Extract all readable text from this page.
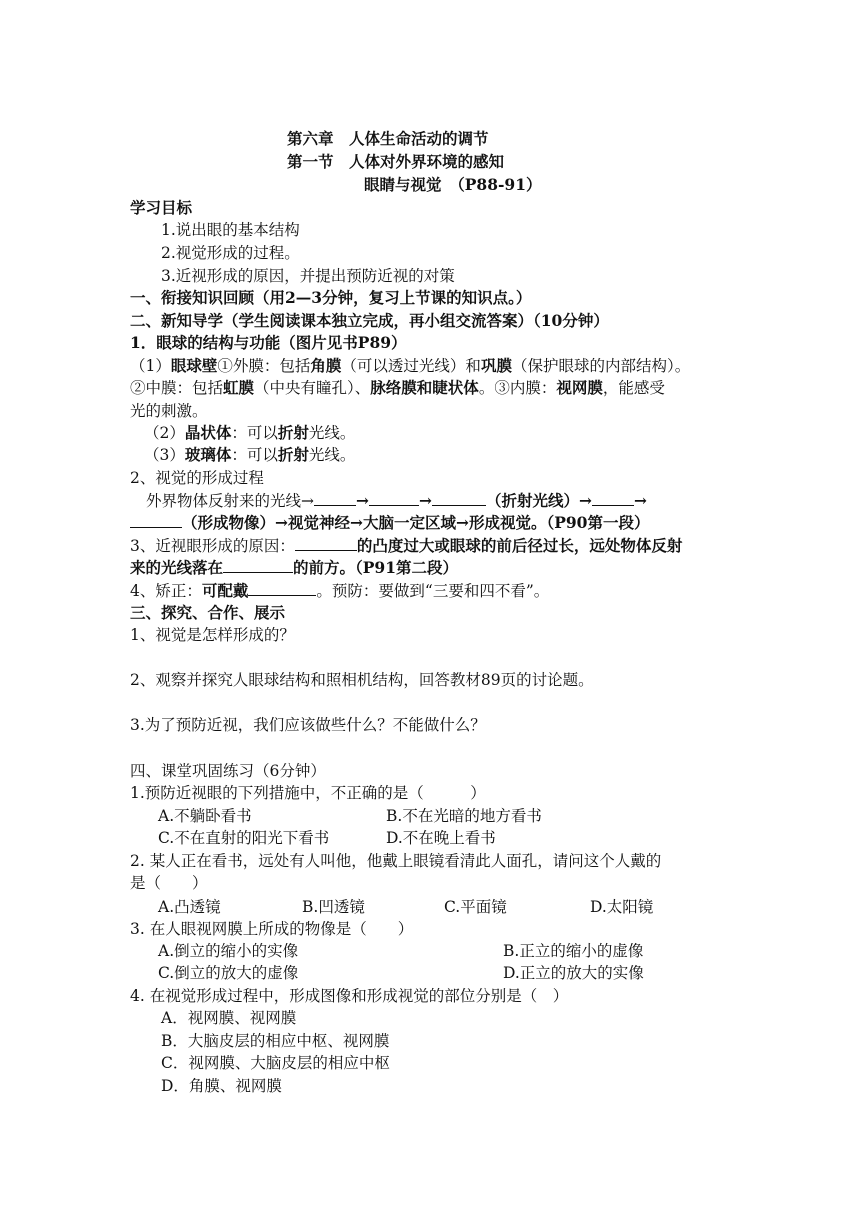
第六章　人体生命活动的调节
第一节　人体对外界环境的感知
眼睛与视觉　（P88-91）
学习目标
1.说出眼的基本结构
2.视觉形成的过程。
3.近视形成的原因，并提出预防近视的对策
一、衔接知识回顾（用2—3分钟，复习上节课的知识点。）
二、新知导学（学生阅读课本独立完成，再小组交流答案）（10分钟）
1．眼球的结构与功能（图片见书P89）
（1）眼球壁①外膜：包括角膜（可以透过光线）和巩膜（保护眼球的内部结构）。
②中膜：包括虹膜（中央有瞳孔）、脉络膜和睫状体。③内膜：视网膜，能感受
光的刺激。
（2）晶状体：可以折射光线。
（3）玻璃体：可以折射光线。
2、视觉的形成过程
外界物体反射来的光线→	→	→	（折射光线）→	→
（形成物像）→视觉神经→大脑一定区域→形成视觉。（P90第一段）
3、近视眼形成的原因：	的凸度过大或眼球的前后径过长，远处物体反射
来的光线落在	的前方。（P91第二段）
4、矫正：可配戴	。预防：要做到“三要和四不看”。
三、探究、合作、展示
1、视觉是怎样形成的？
2、观察并探究人眼球结构和照相机结构，回答教材89页的讨论题。
3.为了预防近视，我们应该做些什么？不能做什么？
四、课堂巩固练习（6分钟）
1.预防近视眼的下列措施中，不正确的是（　　　）
A.不躺卧看书	B.不在光暗的地方看书
C.不在直射的阳光下看书	D.不在晚上看书
2. 某人正在看书，远处有人叫他，他戴上眼镜看清此人面孔，请问这个人戴的
是（　　）
A.凸透镜	B.凹透镜	C.平面镜	D.太阳镜
3. 在人眼视网膜上所成的物像是（　　）
A.倒立的缩小的实像	B.正立的缩小的虚像
C.倒立的放大的虚像	D.正立的放大的实像
4. 在视觉形成过程中，形成图像和形成视觉的部位分别是（　）
A．视网膜、视网膜
B．大脑皮层的相应中枢、视网膜
C．视网膜、大脑皮层的相应中枢
D．角膜、视网膜
